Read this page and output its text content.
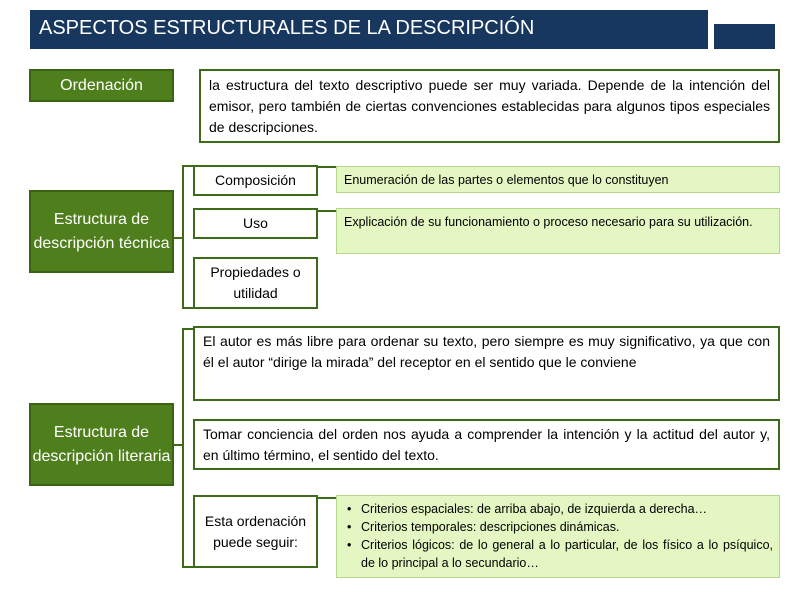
ASPECTOS ESTRUCTURALES DE LA DESCRIPCIÓN
Ordenación	la estructura del texto descriptivo puede ser muy variada. Depende de la intención del emisor, pero también de ciertas convenciones establecidas para algunos tipos especiales de descripciones.
Estructura de descripción técnica
Composición	Enumeración de las partes o elementos que lo constituyen
Uso	Explicación de su funcionamiento o proceso necesario para su utilización.
Propiedades o utilidad
Estructura de descripción literaria
El autor es más libre para ordenar su texto, pero siempre es muy significativo, ya que con él el autor “dirige la mirada” del receptor en el sentido que le conviene
Tomar conciencia del orden nos ayuda a comprender la intención y la actitud del autor y, en último término, el sentido del texto.
Esta ordenación puede seguir:
• Criterios espaciales: de arriba abajo, de izquierda a derecha…
• Criterios temporales: descripciones dinámicas.
• Criterios lógicos: de lo general a lo particular, de los físico a lo psíquico, de lo principal a lo secundario…
